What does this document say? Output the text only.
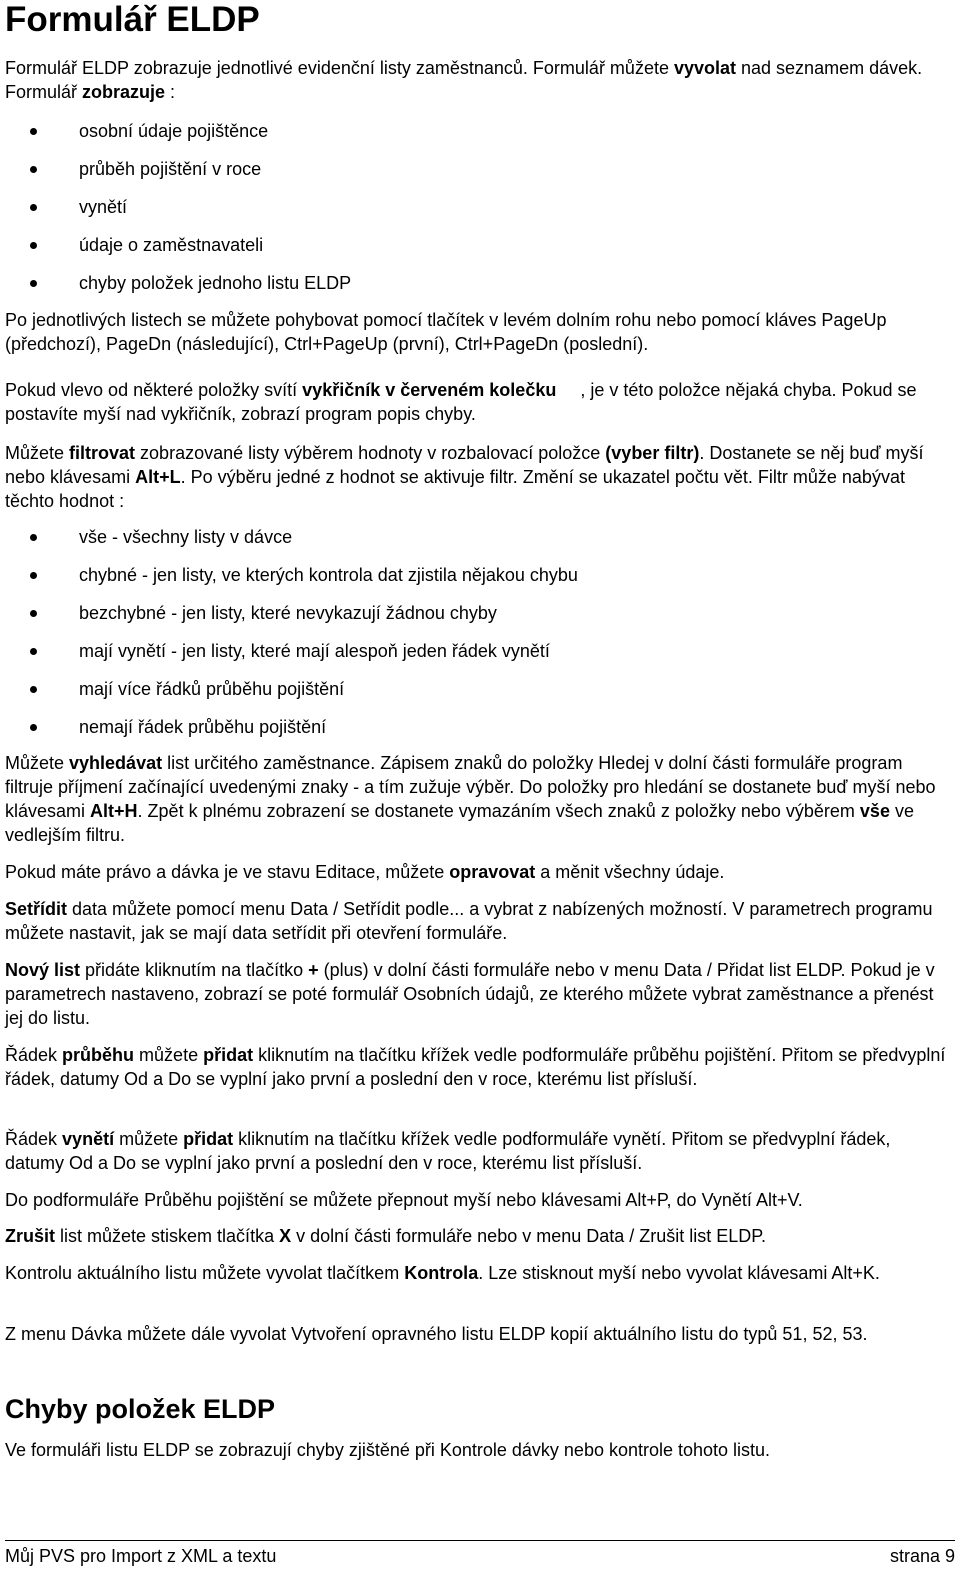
Formulář ELDP

Formulář ELDP zobrazuje jednotlivé evidenční listy zaměstnanců. Formulář můžete vyvolat nad seznamem dávek. Formulář zobrazuje :

osobní údaje pojištěnce
průběh pojištění v roce
vynětí
údaje o zaměstnavateli
chyby položek jednoho listu ELDP

Po jednotlivých listech se můžete pohybovat pomocí tlačítek v levém dolním rohu nebo pomocí kláves PageUp (předchozí), PageDn (následující), Ctrl+PageUp (první), Ctrl+PageDn (poslední).

Pokud vlevo od některé položky svítí vykřičník v červeném kolečku , je v této položce nějaká chyba. Pokud se postavíte myší nad vykřičník, zobrazí program popis chyby.

Můžete filtrovat zobrazované listy výběrem hodnoty v rozbalovací položce (vyber filtr). Dostanete se něj buď myší nebo klávesami Alt+L. Po výběru jedné z hodnot se aktivuje filtr. Změní se ukazatel počtu vět. Filtr může nabývat těchto hodnot :

vše - všechny listy v dávce
chybné - jen listy, ve kterých kontrola dat zjistila nějakou chybu
bezchybné - jen listy, které nevykazují žádnou chyby
mají vynětí - jen listy, které mají alespoň jeden řádek vynětí
mají více řádků průběhu pojištění
nemají řádek průběhu pojištění

Můžete vyhledávat list určitého zaměstnance. Zápisem znaků do položky Hledej v dolní části formuláře program filtruje příjmení začínající uvedenými znaky - a tím zužuje výběr. Do položky pro hledání se dostanete buď myší nebo klávesami Alt+H. Zpět k plnému zobrazení se dostanete vymazáním všech znaků z položky nebo výběrem vše ve vedlejším filtru.

Pokud máte právo a dávka je ve stavu Editace, můžete opravovat a měnit všechny údaje.

Setřídit data můžete pomocí menu Data / Setřídit podle... a vybrat z nabízených možností. V parametrech programu můžete nastavit, jak se mají data setřídit při otevření formuláře.

Nový list přidáte kliknutím na tlačítko + (plus) v dolní části formuláře nebo v menu Data / Přidat list ELDP. Pokud je v parametrech nastaveno, zobrazí se poté formulář Osobních údajů, ze kterého můžete vybrat zaměstnance a přenést jej do listu.

Řádek průběhu můžete přidat kliknutím na tlačítku křížek vedle podformuláře průběhu pojištění. Přitom se předvyplní řádek, datumy Od a Do se vyplní jako první a poslední den v roce, kterému list přísluší.

Řádek vynětí můžete přidat kliknutím na tlačítku křížek vedle podformuláře vynětí. Přitom se předvyplní řádek, datumy Od a Do se vyplní jako první a poslední den v roce, kterému list přísluší.

Do podformuláře Průběhu pojištění se můžete přepnout myší nebo klávesami Alt+P, do Vynětí Alt+V.

Zrušit list můžete stiskem tlačítka X v dolní části formuláře nebo v menu Data / Zrušit list ELDP.

Kontrolu aktuálního listu můžete vyvolat tlačítkem Kontrola. Lze stisknout myší nebo vyvolat klávesami Alt+K.

Z menu Dávka můžete dále vyvolat Vytvoření opravného listu ELDP kopií aktuálního listu do typů 51, 52, 53.

Chyby položek ELDP

Ve formuláři listu ELDP se zobrazují chyby zjištěné při Kontrole dávky nebo kontrole tohoto listu.

Můj PVS pro Import z XML a textu	strana 9
